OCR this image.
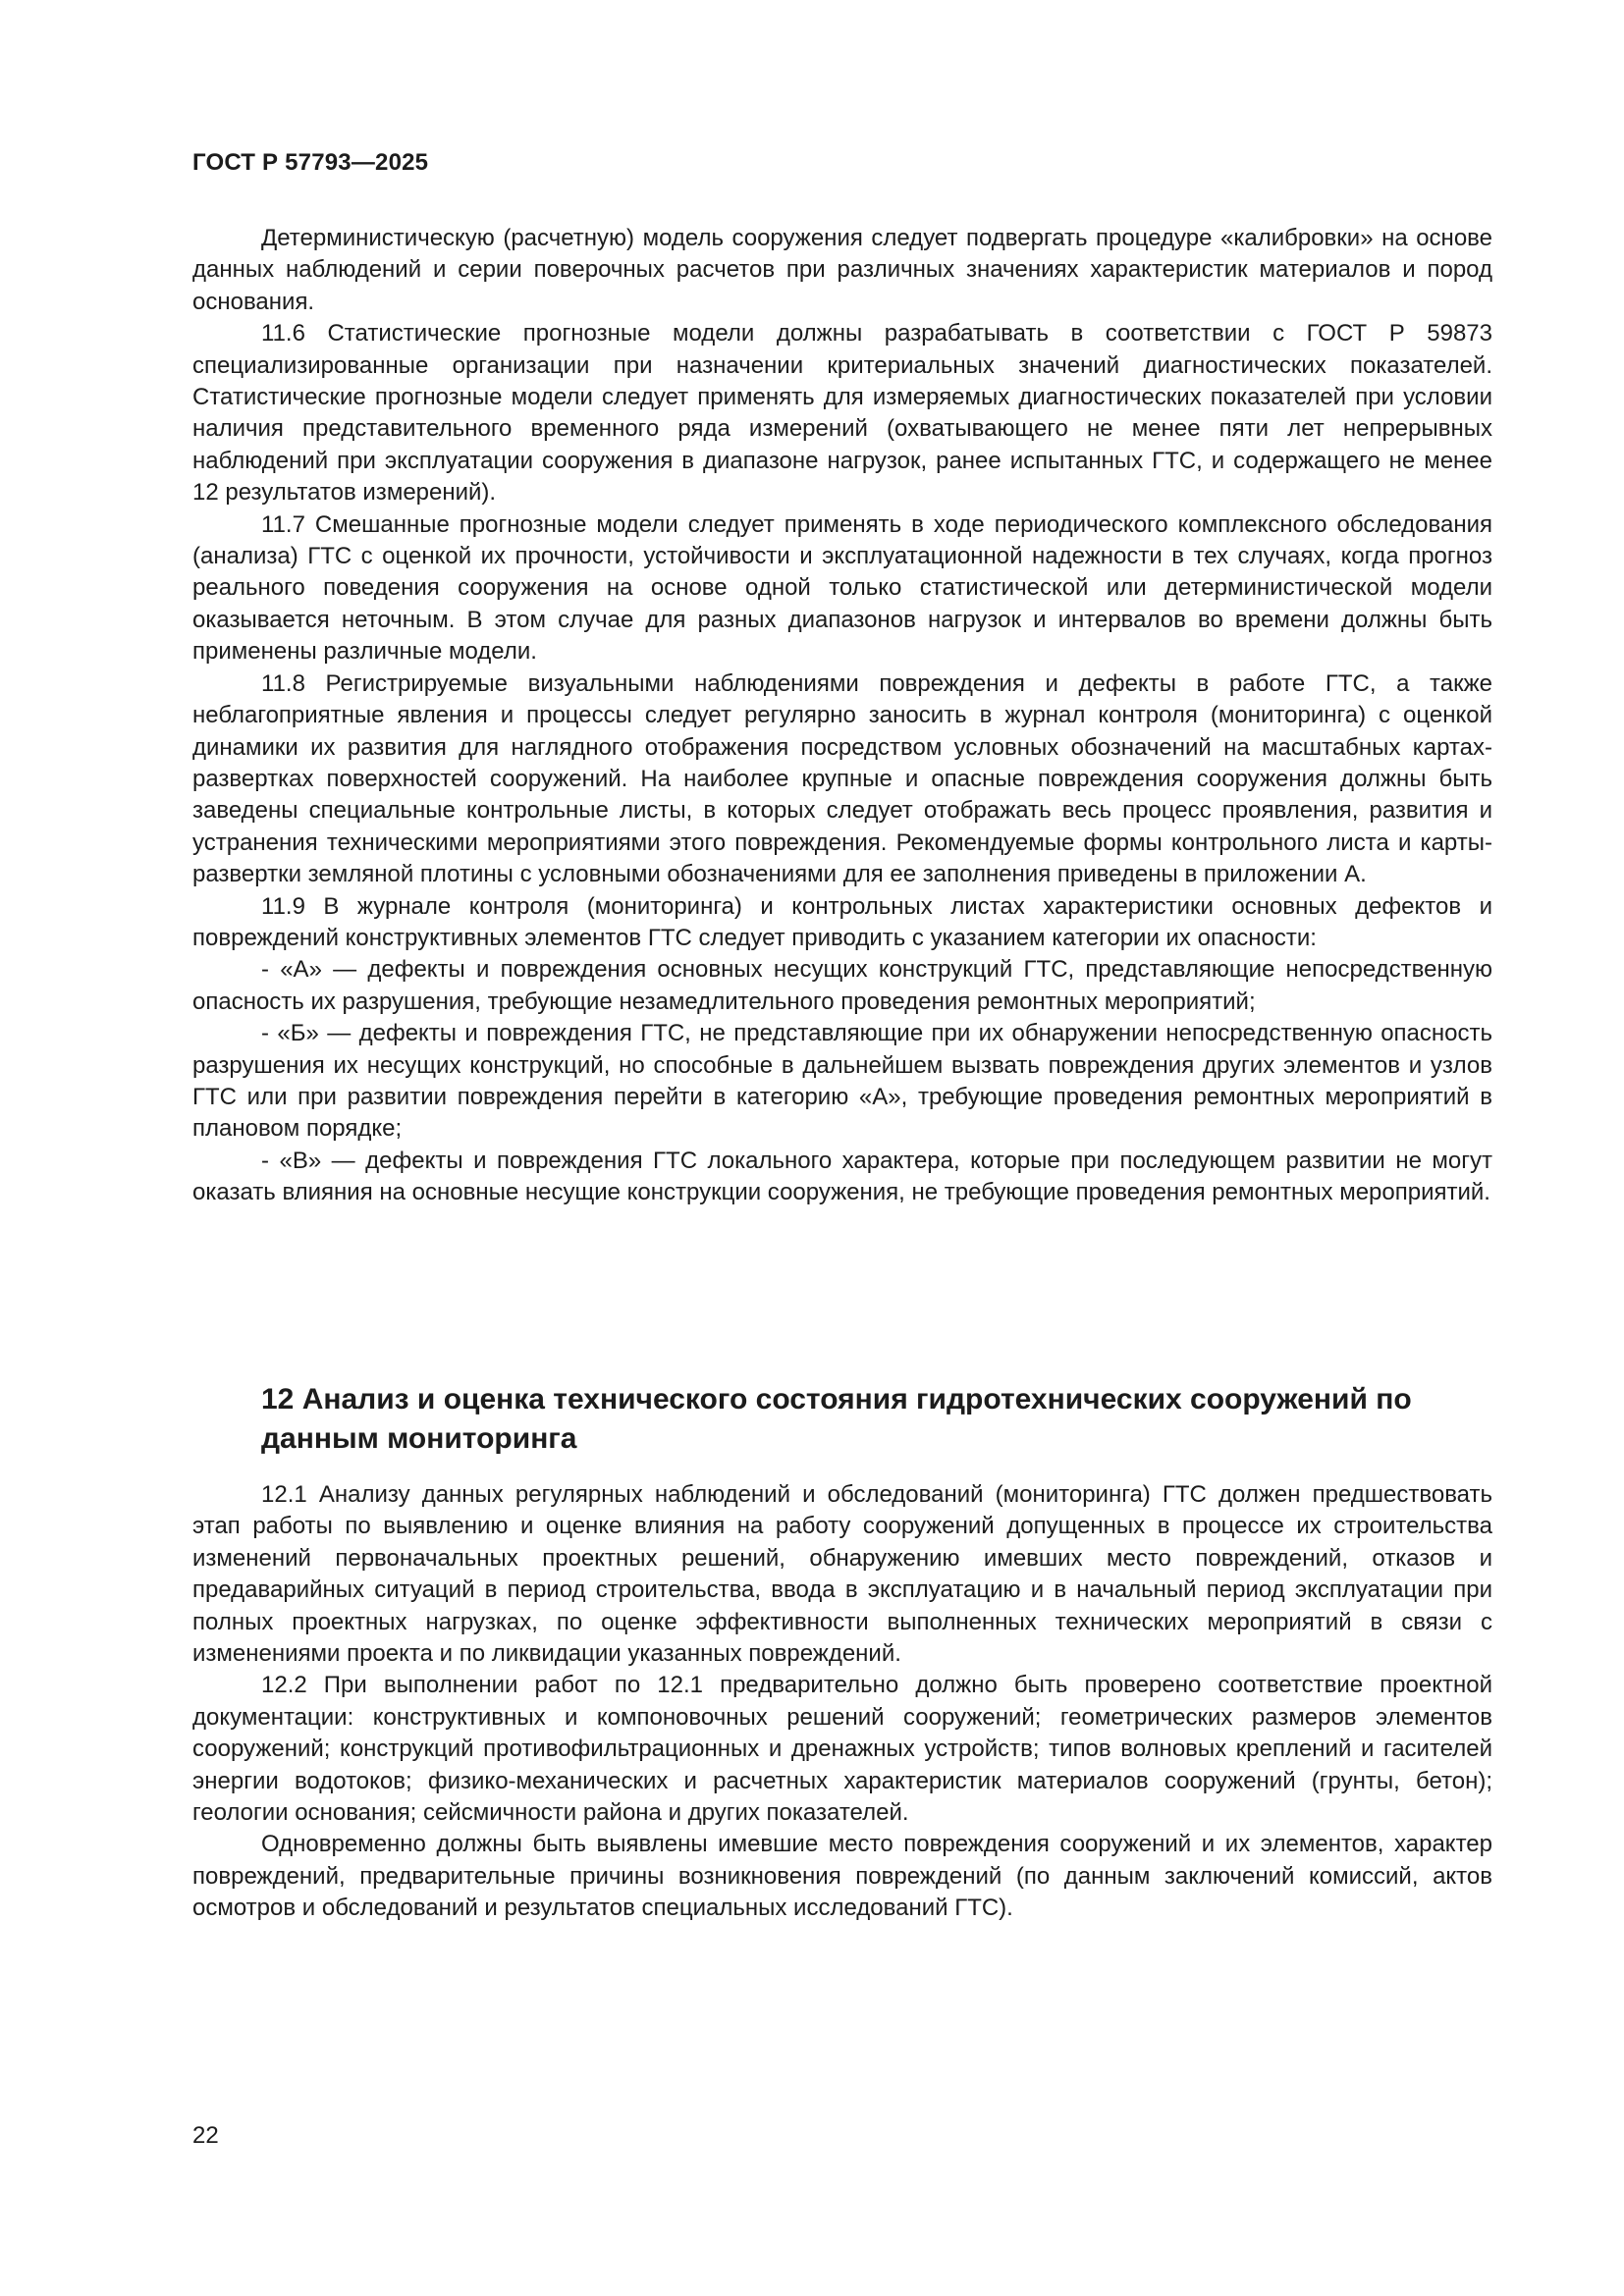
ГОСТ Р 57793—2025

Детерминистическую (расчетную) модель сооружения следует подвергать процедуре «калибровки» на основе данных наблюдений и серии поверочных расчетов при различных значениях характеристик материалов и пород основания.

11.6 Статистические прогнозные модели должны разрабатывать в соответствии с ГОСТ Р 59873 специализированные организации при назначении критериальных значений диагностических показателей. Статистические прогнозные модели следует применять для измеряемых диагностических показателей при условии наличия представительного временного ряда измерений (охватывающего не менее пяти лет непрерывных наблюдений при эксплуатации сооружения в диапазоне нагрузок, ранее испытанных ГТС, и содержащего не менее 12 результатов измерений).

11.7 Смешанные прогнозные модели следует применять в ходе периодического комплексного обследования (анализа) ГТС с оценкой их прочности, устойчивости и эксплуатационной надежности в тех случаях, когда прогноз реального поведения сооружения на основе одной только статистической или детерминистической модели оказывается неточным. В этом случае для разных диапазонов нагрузок и интервалов во времени должны быть применены различные модели.

11.8 Регистрируемые визуальными наблюдениями повреждения и дефекты в работе ГТС, а также неблагоприятные явления и процессы следует регулярно заносить в журнал контроля (мониторинга) с оценкой динамики их развития для наглядного отображения посредством условных обозначений на масштабных картах-развертках поверхностей сооружений. На наиболее крупные и опасные повреждения сооружения должны быть заведены специальные контрольные листы, в которых следует отображать весь процесс проявления, развития и устранения техническими мероприятиями этого повреждения. Рекомендуемые формы контрольного листа и карты-развертки земляной плотины с условными обозначениями для ее заполнения приведены в приложении А.

11.9 В журнале контроля (мониторинга) и контрольных листах характеристики основных дефектов и повреждений конструктивных элементов ГТС следует приводить с указанием категории их опасности:

- «А» — дефекты и повреждения основных несущих конструкций ГТС, представляющие непосредственную опасность их разрушения, требующие незамедлительного проведения ремонтных мероприятий;

- «Б» — дефекты и повреждения ГТС, не представляющие при их обнаружении непосредственную опасность разрушения их несущих конструкций, но способные в дальнейшем вызвать повреждения других элементов и узлов ГТС или при развитии повреждения перейти в категорию «А», требующие проведения ремонтных мероприятий в плановом порядке;

- «В» — дефекты и повреждения ГТС локального характера, которые при последующем развитии не могут оказать влияния на основные несущие конструкции сооружения, не требующие проведения ремонтных мероприятий.

12 Анализ и оценка технического состояния гидротехнических сооружений по данным мониторинга

12.1 Анализу данных регулярных наблюдений и обследований (мониторинга) ГТС должен предшествовать этап работы по выявлению и оценке влияния на работу сооружений допущенных в процессе их строительства изменений первоначальных проектных решений, обнаружению имевших место повреждений, отказов и предаварийных ситуаций в период строительства, ввода в эксплуатацию и в начальный период эксплуатации при полных проектных нагрузках, по оценке эффективности выполненных технических мероприятий в связи с изменениями проекта и по ликвидации указанных повреждений.

12.2 При выполнении работ по 12.1 предварительно должно быть проверено соответствие проектной документации: конструктивных и компоновочных решений сооружений; геометрических размеров элементов сооружений; конструкций противофильтрационных и дренажных устройств; типов волновых креплений и гасителей энергии водотоков; физико-механических и расчетных характеристик материалов сооружений (грунты, бетон); геологии основания; сейсмичности района и других показателей.

Одновременно должны быть выявлены имевшие место повреждения сооружений и их элементов, характер повреждений, предварительные причины возникновения повреждений (по данным заключений комиссий, актов осмотров и обследований и результатов специальных исследований ГТС).

22
